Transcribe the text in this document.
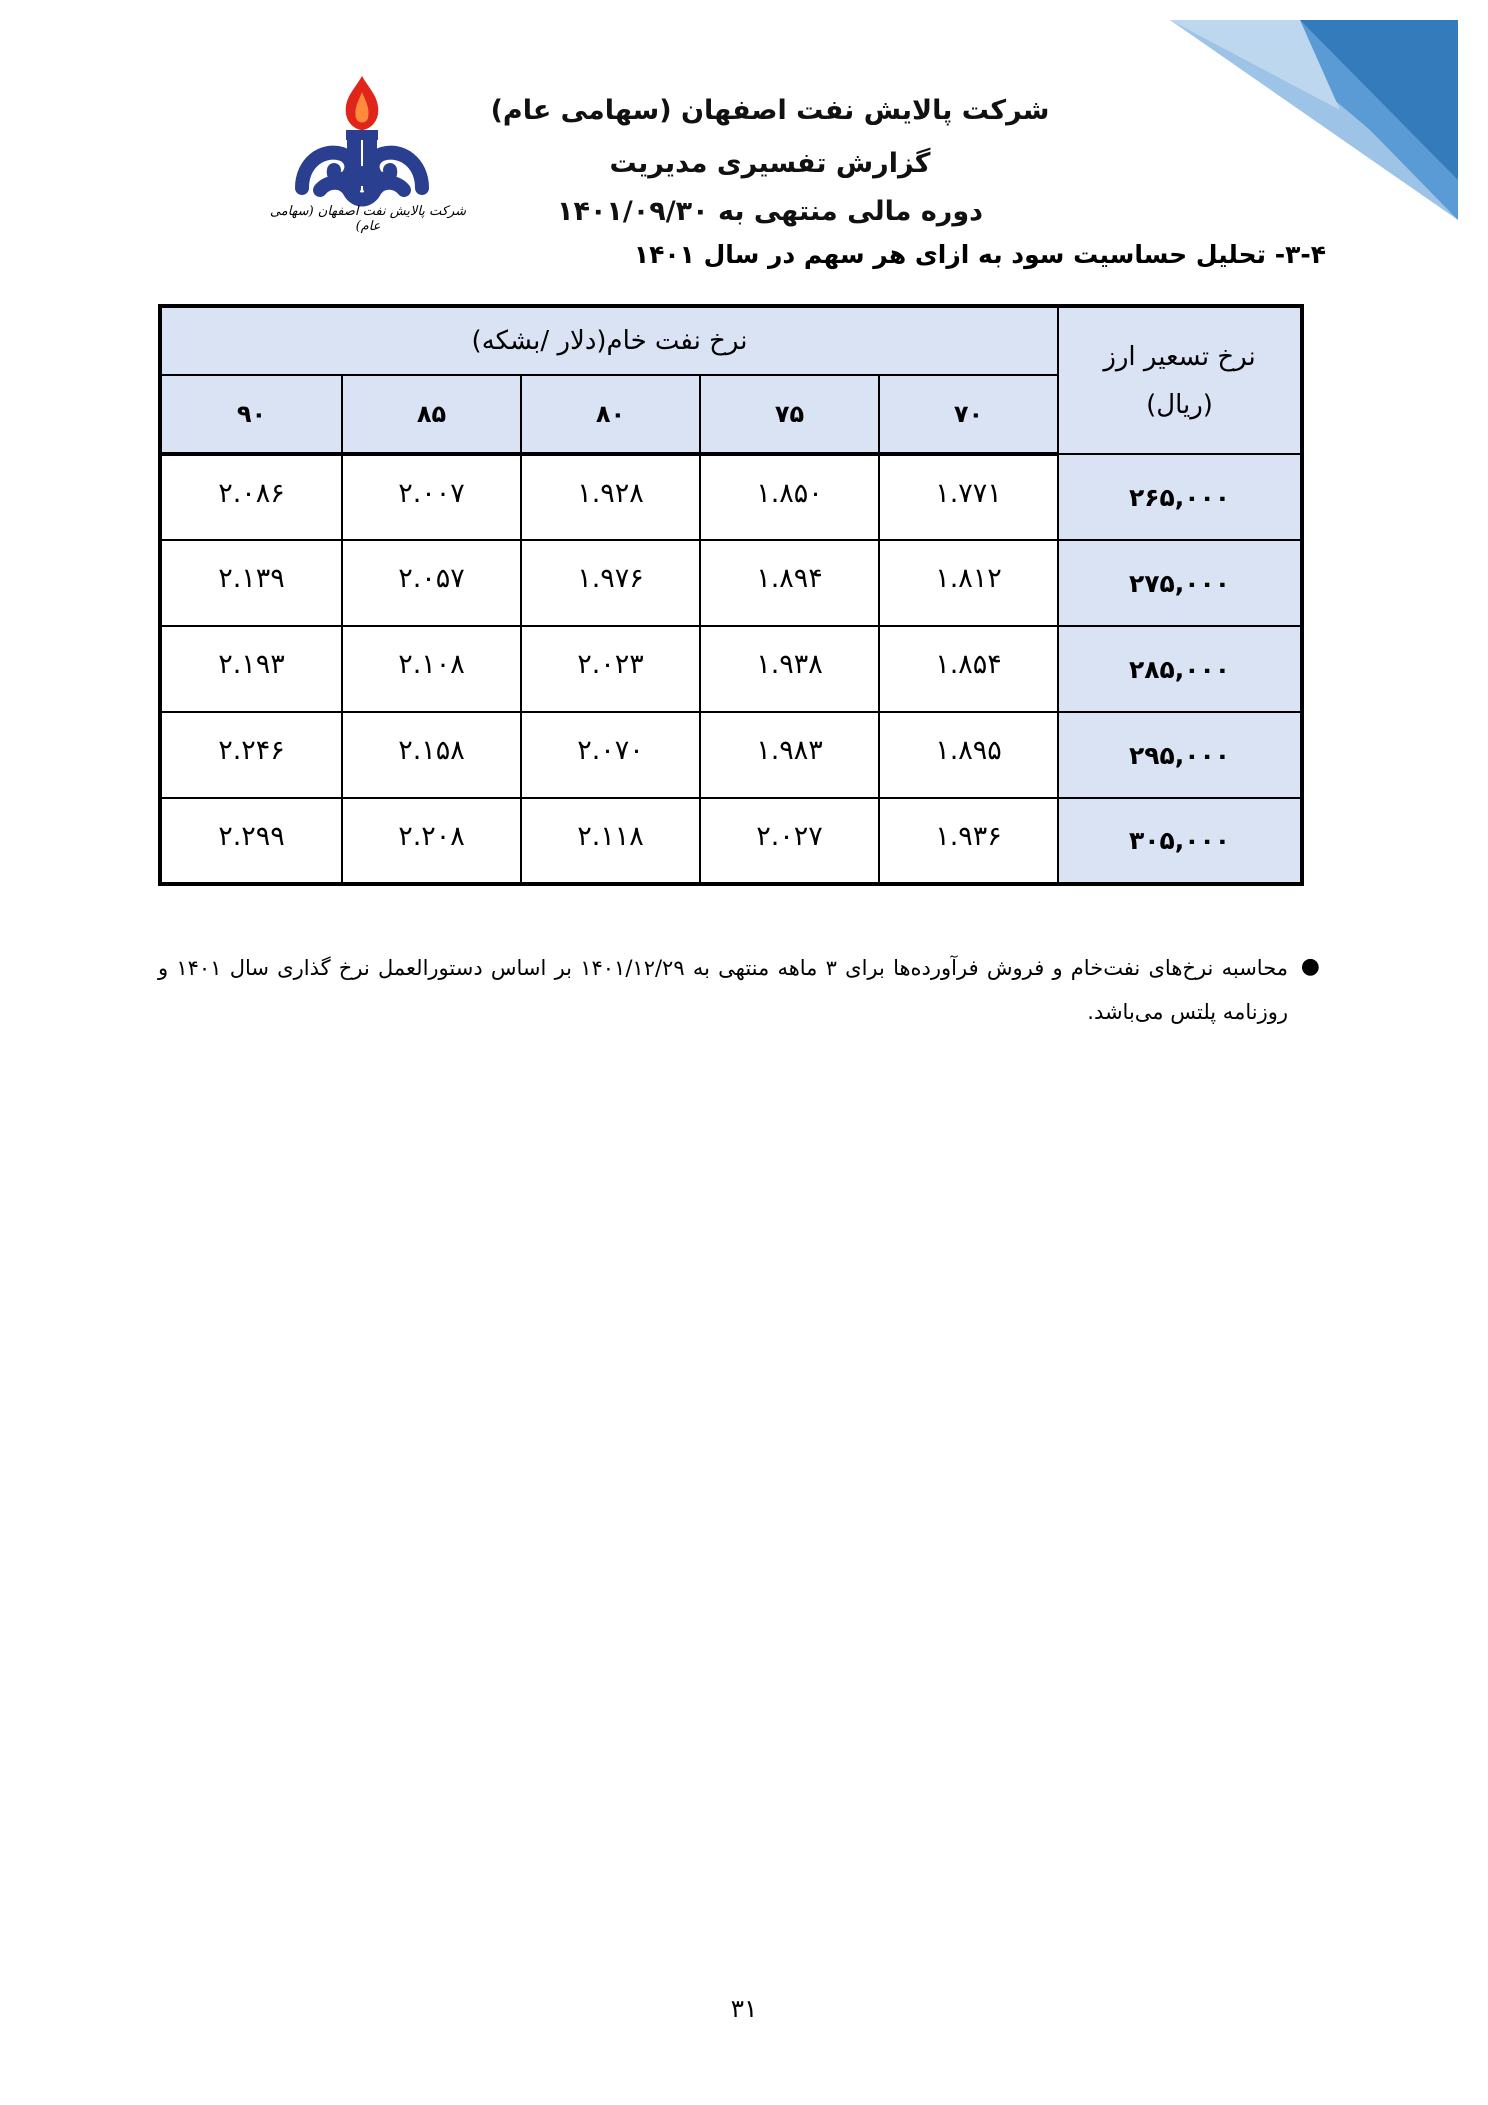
شرکت پالایش نفت اصفهان (سهامی عام)
شرکت پالایش نفت اصفهان (سهامی عام)
گزارش تفسیری مدیریت
دوره مالی منتهی به ۱۴۰۱/۰۹/۳۰
۳-۴- تحلیل حساسیت سود به ازای هر سهم در سال ۱۴۰۱
نرخ تسعیر ارز
(ریال)	نرخ نفت خام(دلار /بشکه)				
	۷۰	۷۵	۸۰	۸۵	۹۰
۲۶۵,۰۰۰	۱.۷۷۱	۱.۸۵۰	۱.۹۲۸	۲.۰۰۷	۲.۰۸۶
۲۷۵,۰۰۰	۱.۸۱۲	۱.۸۹۴	۱.۹۷۶	۲.۰۵۷	۲.۱۳۹
۲۸۵,۰۰۰	۱.۸۵۴	۱.۹۳۸	۲.۰۲۳	۲.۱۰۸	۲.۱۹۳
۲۹۵,۰۰۰	۱.۸۹۵	۱.۹۸۳	۲.۰۷۰	۲.۱۵۸	۲.۲۴۶
۳۰۵,۰۰۰	۱.۹۳۶	۲.۰۲۷	۲.۱۱۸	۲.۲۰۸	۲.۲۹۹
●
محاسبه نرخ‌های نفت‌خام و فروش فرآورده‌ها برای ۳ ماهه منتهی به ۱۴۰۱/۱۲/۲۹ بر اساس دستورالعمل نرخ گذاری سال ۱۴۰۱ و روزنامه پلتس می‌باشد.
۳۱
